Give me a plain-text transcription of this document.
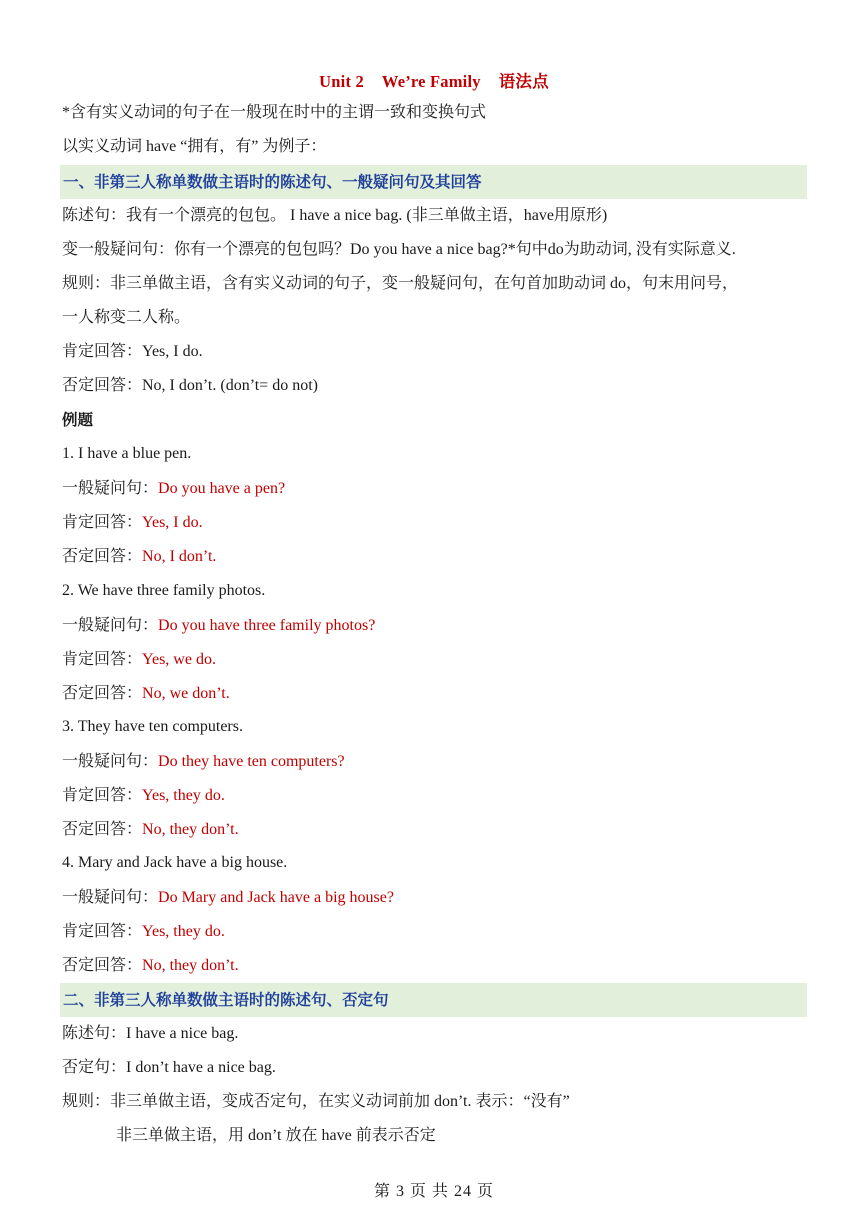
Unit 2 We’re Family 语法点
*含有实义动词的句子在一般现在时中的主谓一致和变换句式
以实义动词 have “拥有，有” 为例子：
一、非第三人称单数做主语时的陈述句、一般疑问句及其回答
陈述句：我有一个漂亮的包包。 I have a nice bag. (非三单做主语，have用原形)
变一般疑问句：你有一个漂亮的包包吗？Do you have a nice bag?*句中do为助动词, 没有实际意义.
规则：非三单做主语，含有实义动词的句子，变一般疑问句，在句首加助动词 do，句末用问号，
一人称变二人称。
肯定回答：Yes, I do.
否定回答：No, I don’t. (don’t= do not)
例题
1. I have a blue pen.
一般疑问句：Do you have a pen?
肯定回答：Yes, I do.
否定回答：No, I don’t.
2. We have three family photos.
一般疑问句：Do you have three family photos?
肯定回答：Yes, we do.
否定回答：No, we don’t.
3. They have ten computers.
一般疑问句：Do they have ten computers?
肯定回答：Yes, they do.
否定回答：No, they don’t.
4. Mary and Jack have a big house.
一般疑问句：Do Mary and Jack have a big house?
肯定回答：Yes, they do.
否定回答：No, they don’t.
二、非第三人称单数做主语时的陈述句、否定句
陈述句：I have a nice bag.
否定句：I don’t have a nice bag.
规则：非三单做主语，变成否定句，在实义动词前加 don’t. 表示：“没有”
非三单做主语，用 don’t 放在 have 前表示否定
第 3 页 共 24 页
